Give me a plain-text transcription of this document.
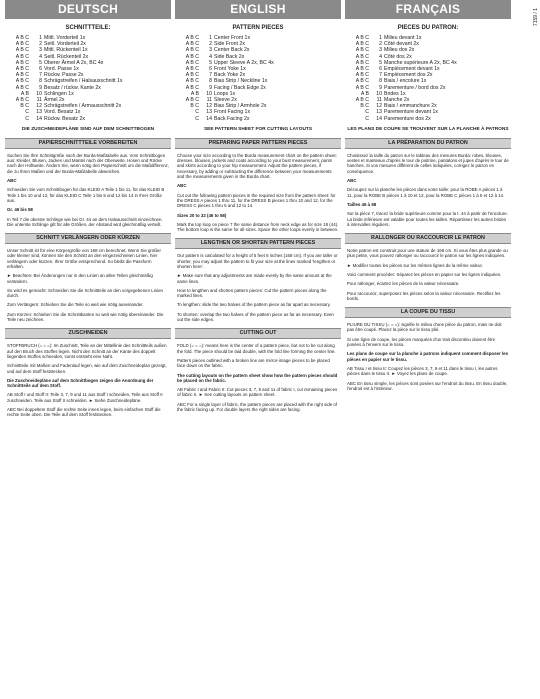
7159 / 1
DEUTSCH
SCHNITTTEILE:
A B C 1 Mittl. Vorderteil 1x
A B C 2 Seitl. Vorderteil 2x
A B C 3 Mittl. Rückenteil 1x
A B C 4 Seitl. Rückenteil 2x
A B C 5 Oberer Ärmel A 2x, BC 4x
A B C 6 Vord. Passe 1x
A B C 7 Rückw. Passe 2x
A B C 8 Schrägstreifen / Halsausschnitt 1x
A B C 9 Besatz / rückw. Kante 2x
A B 10 Schlingen 1x
A B C 11 Ärmel 2x
B C 12 Schrägstreifen / Armausschnitt 2x
C 13 Vord. Besatz 1x
C 14 Rückw. Besatz 2x
DIE ZUSCHNEIDEPLÄNE SIND AUF DEM SCHNITTBOGEN
PAPIERSCHNITTTEILE VORBEREITEN
Suchen Sie Ihre Schnittgröße nach der Burda-Maßtabelle aus. Vom Schnittbogen aus: Kleider, Blusen, Jacken und Mantel nach der Oberweite, Hosen und Röcke nach der Hüftweite. Ändern Sie, wenn nötig den Papierschnitt um die Maßdifferenz, die zu Ihren Maßen und der Burda-Maßtabelle abweichen.
ABC
Schneiden Sie vom Schnittbogen für das KLEID A Teile 1 bis 11, für das KLEID B Teile 1 bis 10 und 12, für das KLEID C Teile 1 bis 5 und 12 bis 14 in Ihrer Größe aus.
Gr. 46 bis 58
In Teil 7 die oberste Schlinge wie bei Gr. 44 an dem Halsausschnitt einzeichnen. Die unterste Schlinge gilt für alle Größen, der Abstand wird gleichmäßig verteilt.
SCHNITT VERLÄNGERN ODER KÜRZEN
Unser Schnitt ist für eine Körpergröße von 168 cm berechnet. Wenn Sie größer oder kleiner sind, können Sie den Schnitt an den eingezeichneten Linien, hier verlängern oder kürzen. Ihrer Größe entsprechend. So bleibt die Passform erhalten.
► Beachten: Bei Änderungen nur in den Linien an allen Teilen gleichmäßig verändern.
So wird es gemacht: Schneiden Sie die Schnittteile an den vorgegebenen Linien durch.
Zum Verlängern: Schieben Sie die Teile so weit wie nötig auseinander.
Zum Kürzen: Schieben Sie die Schnittkanten so weit wie nötig übereinander. Die Teile neu zeichnen.
ZUSCHNEIDEN
STOFFBRUCH (= = =): Im Zuschnitt, Teile an der Mittellinie des Schnittteils außen auf den Bruch des Stoffes legen. Nicht den Schnitt an der Kante des doppelt liegenden Stoffes schneiden, sonst entsteht eine Naht.
Schnittteile mit Maßen und Fadenlauf legen, wie auf dem Zuschneideplan gezeigt, und auf dem Stoff feststecken.
Die Zuschneidepläne auf dem Schnittbogen zeigen die Anordnung der Schnittteile auf dem Stoff.
AB Stoff I und Stoff II: Teile 3, 7, 9 und 11 aus Stoff I schneiden, Teile aus Stoff II zuschneiden. Teile aus Stoff II schneiden. ► Siehe Zuschneidepläne.
ABC Bei doppeltem Stoff die rechte Seite innen legen, beim einfachen Stoff die rechte Seite oben. Die Teile auf dem Stoff feststecken.
ENGLISH
PATTERN PIECES
A B C 1 Center Front 1x
A B C 2 Side Front 2x
A B C 3 Center Back 2x
A B C 4 Side Back 2x
A B C 5 Upper Sleeve A 2x, BC 4x
A B C 6 Front Yoke 1x
A B C 7 Back Yoke 2x
A B C 8 Bias Strip / Neckline 1x
A B C 9 Facing / Back Edge 2x
A B 10 Loops 1x
A B C 11 Sleeve 2x
B C 12 Bias Strip / Armhole 2x
C 13 Front Facing 1x
C 14 Back Facing 2x
SEE PATTERN SHEET FOR CUTTING LAYOUTS
PREPARING PAPER PATTERN PIECES
Choose your size according to the Burda measurement chart on the pattern sheet: dresses, blouses, jackets and coats according to your bust measurement, pants and skirts according to your hip measurement. Adjust the pattern pieces, if necessary, by adding or subtracting the difference between your measurements and the measurements given in the Burda chart.
ABC
Cut out the following pattern pieces in the required size from the pattern sheet: for the DRESS A pieces 1 thru 11, for the DRESS B pieces 1 thru 10 and 12, for the DRESS C pieces 1 thru 5 and 12 to 14.
Sizes 20 to 32 (46 to 58)
Mark the top loop on piece 7 the same distance from neck edge as for size 18 (44). The bottom loop is the same for all sizes. Space the other loops evenly in between.
LENGTHEN OR SHORTEN PATTERN PIECES
Our pattern is calculated for a height of 5 feet 6 inches (168 cm). If you are taller or shorter, you may adjust the pattern to fit your size at the lines marked 'lengthen or shorten here'.
► Make sure that any adjustments are made evenly by the same amount at the same lines.
How to lengthen and shorten pattern pieces: Cut the pattern pieces along the marked lines.
To lengthen: slide the two halves of the pattern piece as far apart as necessary.
To shorten: overlap the two halves of the pattern piece as far as necessary. Even out the side edges.
CUTTING OUT
FOLD (= = =): means here is the center of a pattern piece, but not to be cut along the fold. The piece should be laid double, with the fold line forming the center line.
Pattern pieces outlined with a broken line are mirror-image pieces to be placed face down on the fabric.
The cutting layouts on the pattern sheet show how the pattern pieces should be placed on the fabric.
AB Fabric I and Fabric II: Cut pieces 3, 7, 9 and 11 of fabric I, cut remaining pieces of fabric II. ► See cutting layouts on pattern sheet.
ABC For a single layer of fabric, the pattern pieces are placed with the right side of the fabric facing up. For double layers the right sides are facing.
FRANÇAIS
PIECES DU PATRON:
A B C 1 Milieu devant 1x
A B C 2 Côté devant 2x
A B C 3 Milieu dos 2x
A B C 4 Côté dos 2x
A B C 5 Manche supérieure A 2x, BC 4x
A B C 6 Empiècement devant 1x
A B C 7 Empiècement dos 2x
A B C 8 Biais / encolure 1x
A B C 9 Parementure / bord dos 2x
A B 10 Brides 1x
A B C 11 Manche 2x
B C 12 Biais / emmanchure 2x
C 13 Parementure devant 1x
C 14 Parementure dos 2x
LES PLANS DE COUPE SE TROUVENT SUR LA PLANCHE À PATRONS
LA PRÉPARATION DU PATRON
Choisissez la taille du patron sur le tableau des mesures Burda: robes, blouses, vestes et manteaux d'après le tour de poitrine, pantalons et jupes d'après le tour de hanches. Si vos mesures diffèrent de celles indiquées, corrigez le patron en conséquence.
ABC
Découpez sur la planche les pièces dans votre taille: pour la ROBE A pièces 1 à 11, pour la ROBE B pièces 1 à 10 et 12, pour la ROBE C pièces 1 à 5 et 12 à 14.
Tailles 46 à 58
Sur la pièce 7, tracez la bride supérieure comme pour la t. 44 à partir de l'encolure. La bride inférieure est valable pour toutes les tailles. Répartissez les autres brides à intervalles réguliers.
RALLONGER OU RACCOURCIR LE PATRON
Notre patron est construit pour une stature de 168 cm. Si vous êtes plus grande ou plus petite, vous pouvez rallonger ou raccourcir le patron sur les lignes indiquées.
► Modifier toutes les pièces sur les mêmes lignes de la même valeur.
Voici comment procéder: Séparez les pièces en papier sur les lignes indiquées.
Pour rallonger, écartez les pièces de la valeur nécessaire.
Pour raccourcir, superposez les pièces selon la valeur nécessaire. Rectifiez les bords.
LA COUPE DU TISSU
PLIURE DU TISSU (= = =): signifie le milieu d'une pièce du patron, mais ne doit pas être coupé. Placez la pièce sur le tissu plié.
Si une ligne de coupe, les pièces marquées d'un trait discontinu doivent être posées à l'envers sur le tissu.
Les plans de coupe sur la planche à patrons indiquent comment disposer les pièces en papier sur le tissu.
AB Tissu I et tissu II: Coupez les pièces 3, 7, 9 et 11 dans le tissu I, les autres pièces dans le tissu II. ► Voyez les plans de coupe.
ABC En tissu simple, les pièces sont posées sur l'endroit du tissu. En tissu double, l'endroit est à l'intérieur.
